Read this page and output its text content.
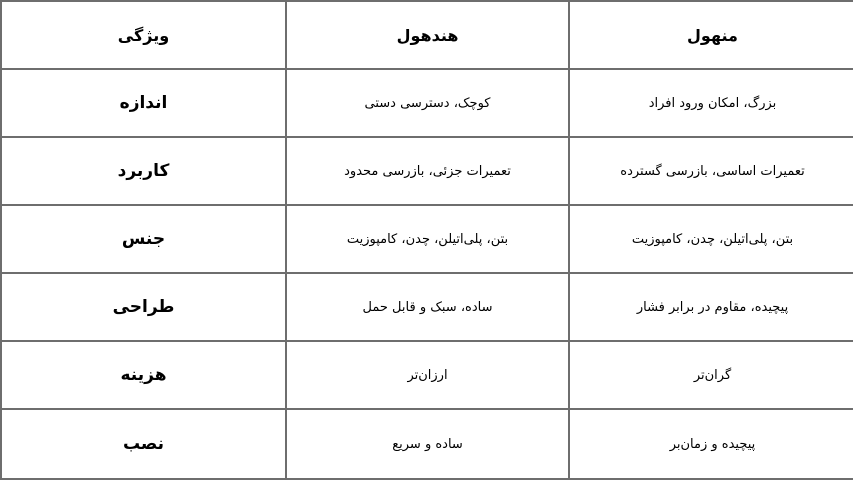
ویژگی	هندهول	منهول
اندازه	کوچک، دسترسی دستی	بزرگ، امکان ورود افراد
کاربرد	تعمیرات جزئی، بازرسی محدود	تعمیرات اساسی، بازرسی گسترده
جنس	بتن، پلی‌اتیلن، چدن، کامپوزیت	بتن، پلی‌اتیلن، چدن، کامپوزیت
طراحی	ساده، سبک و قابل حمل	پیچیده، مقاوم در برابر فشار
هزینه	ارزان‌تر	گران‌تر
نصب	ساده و سریع	پیچیده و زمان‌بر
